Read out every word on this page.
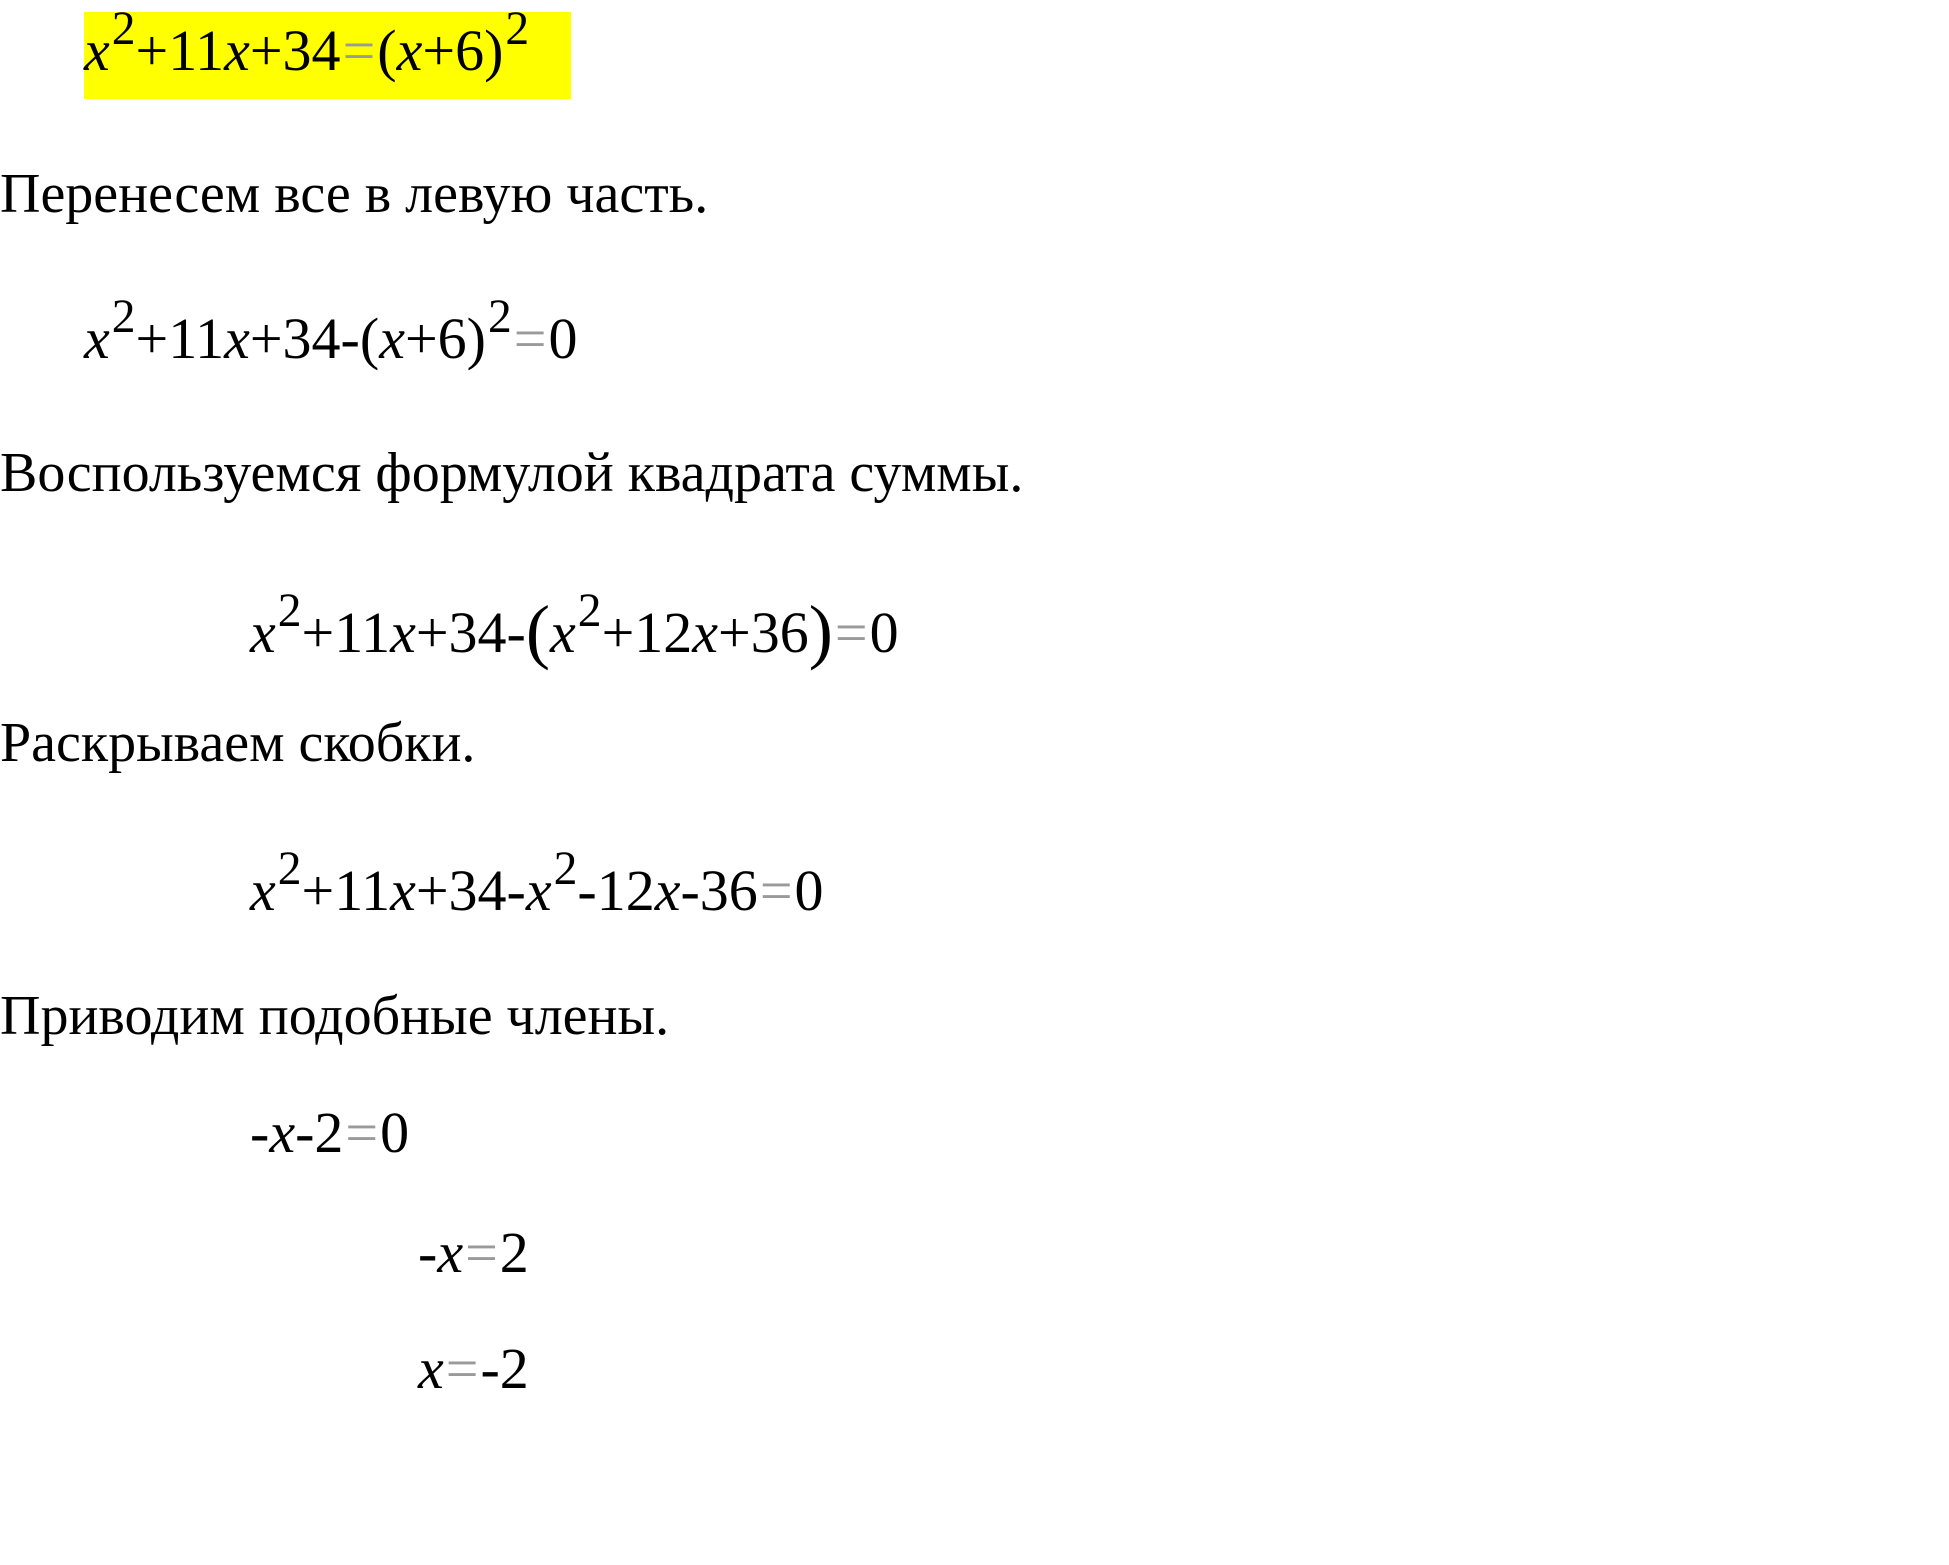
$x^2+11x+34=(x+6)^2$
Перенесем все в левую часть.
$x^2+11x+34-(x+6)^2=0$
Воспользуемся формулой квадрата суммы.
$x^2+11x+34-(x^2+12x+36)=0$
Раскрываем скобки.
$x^2+11x+34-x^2-12x-36=0$
Приводим подобные члены.
-x-2=0
-x=2
x=-2
